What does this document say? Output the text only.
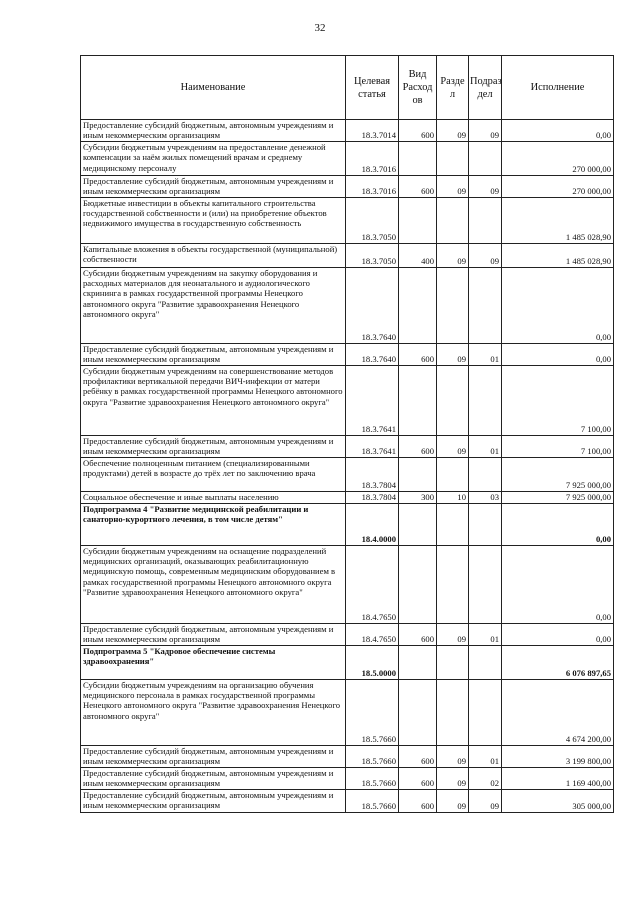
32
Наименование	Целевая статья	Вид Расход ов	Разде л	Подраз дел	Исполнение
Предоставление субсидий бюджетным, автономным учреждениям и иным некоммерческим организациям	18.3.7014	600	09	09	0,00
Субсидии бюджетным учреждениям на предоставление денежной компенсации за наём жилых помещений врачам и среднему медицинскому персоналу	18.3.7016				270 000,00
Предоставление субсидий бюджетным, автономным учреждениям и иным некоммерческим организациям	18.3.7016	600	09	09	270 000,00
Бюджетные инвестиции в объекты капитального строительства государственной собственности и (или) на приобретение объектов недвижимого имущества в государственную собственность	18.3.7050				1 485 028,90
Капитальные вложения в объекты государственной (муниципальной) собственности	18.3.7050	400	09	09	1 485 028,90
Субсидии бюджетным учреждениям на закупку оборудования и расходных материалов для неонатального и аудиологического скрининга в рамках государственной программы Ненецкого автономного округа "Развитие здравоохранения Ненецкого автономного округа"	18.3.7640				0,00
Предоставление субсидий бюджетным, автономным учреждениям и иным некоммерческим организациям	18.3.7640	600	09	01	0,00
Субсидии бюджетным учреждениям на совершенствование методов профилактики вертикальной передачи ВИЧ-инфекции от матери ребёнку в рамках государственной программы Ненецкого автономного округа "Развитие здравоохранения Ненецкого автономного округа"	18.3.7641				7 100,00
Предоставление субсидий бюджетным, автономным учреждениям и иным некоммерческим организациям	18.3.7641	600	09	01	7 100,00
Обеспечение полноценным питанием (специализированными продуктами) детей в возрасте до трёх лет по заключению врача	18.3.7804				7 925 000,00
Социальное обеспечение и иные выплаты населению	18.3.7804	300	10	03	7 925 000,00
Подпрограмма 4 "Развитие медицинской реабилитации и санаторно-курортного лечения, в том числе детям"	18.4.0000				0,00
Субсидии бюджетным учреждениям на оснащение подразделений медицинских организаций, оказывающих реабилитационную медицинскую помощь, современным медицинским оборудованием в рамках государственной программы Ненецкого автономного округа "Развитие здравоохранения Ненецкого автономного округа"	18.4.7650				0,00
Предоставление субсидий бюджетным, автономным учреждениям и иным некоммерческим организациям	18.4.7650	600	09	01	0,00
Подпрограмма 5 "Кадровое обеспечение системы здравоохранения"	18.5.0000				6 076 897,65
Субсидии бюджетным учреждениям на организацию обучения медицинского персонала в рамках государственной программы Ненецкого автономного округа "Развитие здравоохранения Ненецкого автономного округа"	18.5.7660				4 674 200,00
Предоставление субсидий бюджетным, автономным учреждениям и иным некоммерческим организациям	18.5.7660	600	09	01	3 199 800,00
Предоставление субсидий бюджетным, автономным учреждениям и иным некоммерческим организациям	18.5.7660	600	09	02	1 169 400,00
Предоставление субсидий бюджетным, автономным учреждениям и иным некоммерческим организациям	18.5.7660	600	09	09	305 000,00
